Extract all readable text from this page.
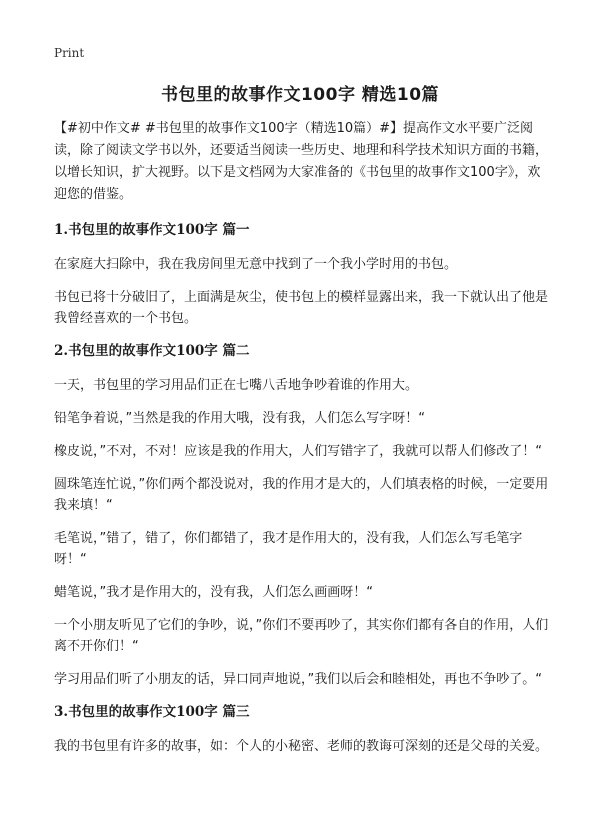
Print
书包里的故事作文100字 精选10篇

【#初中作文# #书包里的故事作文100字（精选10篇）#】提高作文水平要广泛阅读，除了阅读文学书以外，还要适当阅读一些历史、地理和科学技术知识方面的书籍，以增长知识，扩大视野。以下是文档网为大家准备的《书包里的故事作文100字》，欢迎您的借鉴。

1.书包里的故事作文100字 篇一

在家庭大扫除中，我在我房间里无意中找到了一个我小学时用的书包。

书包已将十分破旧了，上面满是灰尘，使书包上的模样显露出来，我一下就认出了他是我曾经喜欢的一个书包。

2.书包里的故事作文100字 篇二

一天，书包里的学习用品们正在七嘴八舌地争吵着谁的作用大。

铅笔争着说，”当然是我的作用大哦，没有我，人们怎么写字呀！“

橡皮说，”不对，不对！应该是我的作用大，人们写错字了，我就可以帮人们修改了！“

圆珠笔连忙说，”你们两个都没说对，我的作用才是大的，人们填表格的时候，一定要用我来填！“

毛笔说，”错了，错了，你们都错了，我才是作用大的，没有我，人们怎么写毛笔字呀！“

蜡笔说，”我才是作用大的，没有我，人们怎么画画呀！“

一个小朋友听见了它们的争吵，说，”你们不要再吵了，其实你们都有各自的作用，人们离不开你们！“

学习用品们听了小朋友的话，异口同声地说，”我们以后会和睦相处，再也不争吵了。“

3.书包里的故事作文100字 篇三

我的书包里有许多的故事，如：个人的小秘密、老师的教诲可深刻的还是父母的关爱。
